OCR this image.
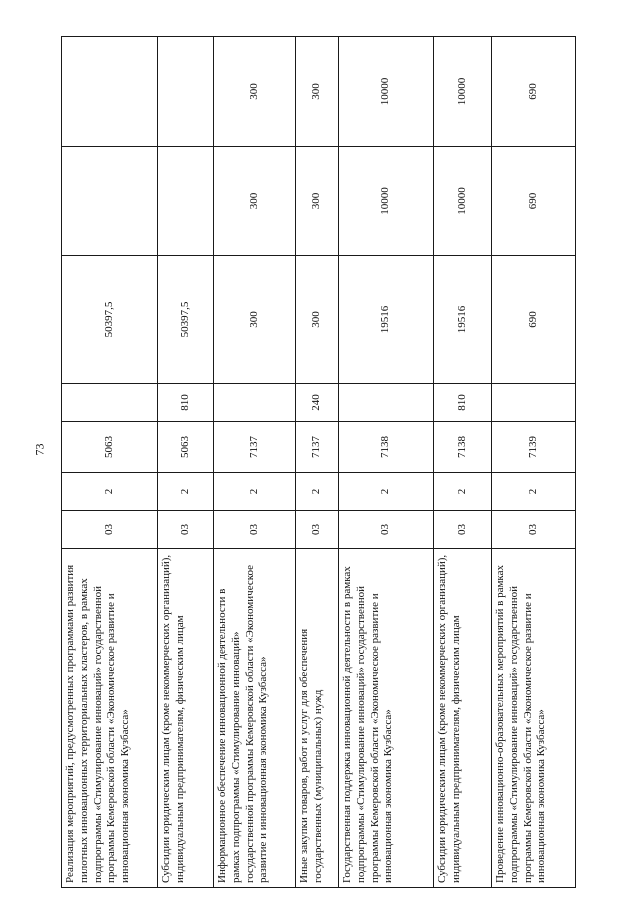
73
Реализация мероприятий, предусмотренных программами развития пилотных инновационных территориальных кластеров, в рамках подпрограммы «Стимулирование инноваций» государственной программы Кемеровской области «Экономическое развитие и инновационная экономика Кузбасса»	03	2	5063		50397,5		
Субсидии юридическим лицам (кроме некоммерческих организаций), индивидуальным предпринимателям, физическим лицам	03	2	5063	810	50397,5		
Информационное обеспечение инновационной деятельности в рамках подпрограммы «Стимулирование инноваций» государственной программы Кемеровской области «Экономическое развитие и инновационная экономика Кузбасса»	03	2	7137		300	300	300
Иные закупки товаров, работ и услуг для обеспечения государственных (муниципальных) нужд	03	2	7137	240	300	300	300
Государственная поддержка инновационной деятельности в рамках подпрограммы «Стимулирование инноваций» государственной программы Кемеровской области «Экономическое развитие и инновационная экономика Кузбасса»	03	2	7138		19516	10000	10000
Субсидии юридическим лицам (кроме некоммерческих организаций), индивидуальным предпринимателям, физическим лицам	03	2	7138	810	19516	10000	10000
Проведение инновационно-образовательных мероприятий в рамках подпрограммы «Стимулирование инноваций» государственной программы Кемеровской области «Экономическое развитие и инновационная экономика Кузбасса»	03	2	7139		690	690	690
